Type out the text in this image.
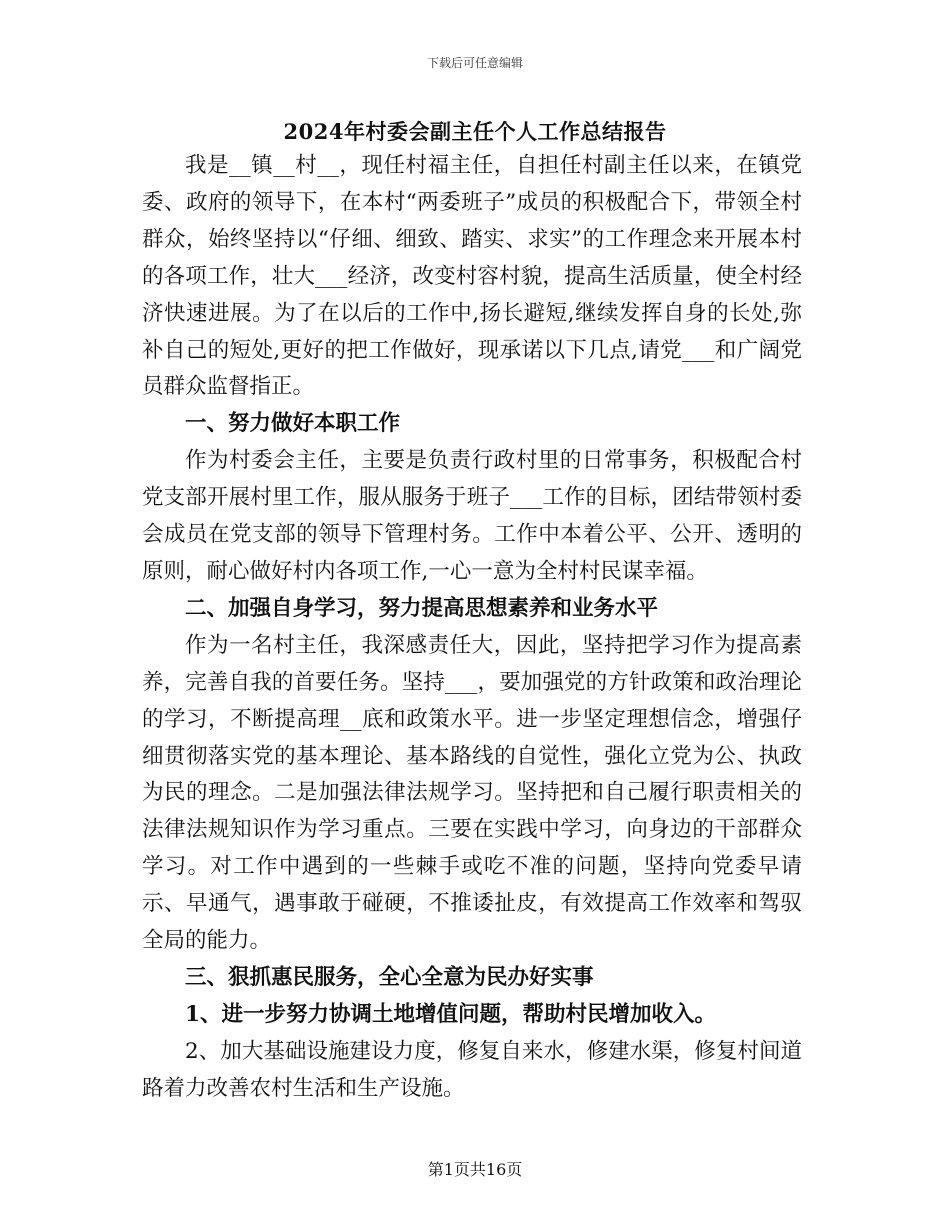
下载后可任意编辑
2024年村委会副主任个人工作总结报告

我是__镇__村__，现任村福主任，自担任村副主任以来，在镇党委、政府的领导下，在本村“两委班子”成员的积极配合下，带领全村群众，始终坚持以“仔细、细致、踏实、求实”的工作理念来开展本村的各项工作，壮大___经济，改变村容村貌，提高生活质量，使全村经济快速进展。为了在以后的工作中,扬长避短,继续发挥自身的长处,弥补自己的短处,更好的把工作做好，现承诺以下几点,请党___和广阔党员群众监督指正。

一、努力做好本职工作

作为村委会主任，主要是负责行政村里的日常事务，积极配合村党支部开展村里工作，服从服务于班子___工作的目标，团结带领村委会成员在党支部的领导下管理村务。工作中本着公平、公开、透明的原则，耐心做好村内各项工作,一心一意为全村村民谋幸福。

二、加强自身学习，努力提高思想素养和业务水平

作为一名村主任，我深感责任大，因此，坚持把学习作为提高素养，完善自我的首要任务。坚持___，要加强党的方针政策和政治理论的学习，不断提高理__底和政策水平。进一步坚定理想信念，增强仔细贯彻落实党的基本理论、基本路线的自觉性，强化立党为公、执政为民的理念。二是加强法律法规学习。坚持把和自己履行职责相关的法律法规知识作为学习重点。三要在实践中学习，向身边的干部群众学习。对工作中遇到的一些棘手或吃不准的问题，坚持向党委早请示、早通气，遇事敢于碰硬，不推诿扯皮，有效提高工作效率和驾驭全局的能力。

三、狠抓惠民服务，全心全意为民办好实事

1、进一步努力协调土地增值问题，帮助村民增加收入。

2、加大基础设施建设力度，修复自来水，修建水渠，修复村间道路着力改善农村生活和生产设施。

第1页共16页
